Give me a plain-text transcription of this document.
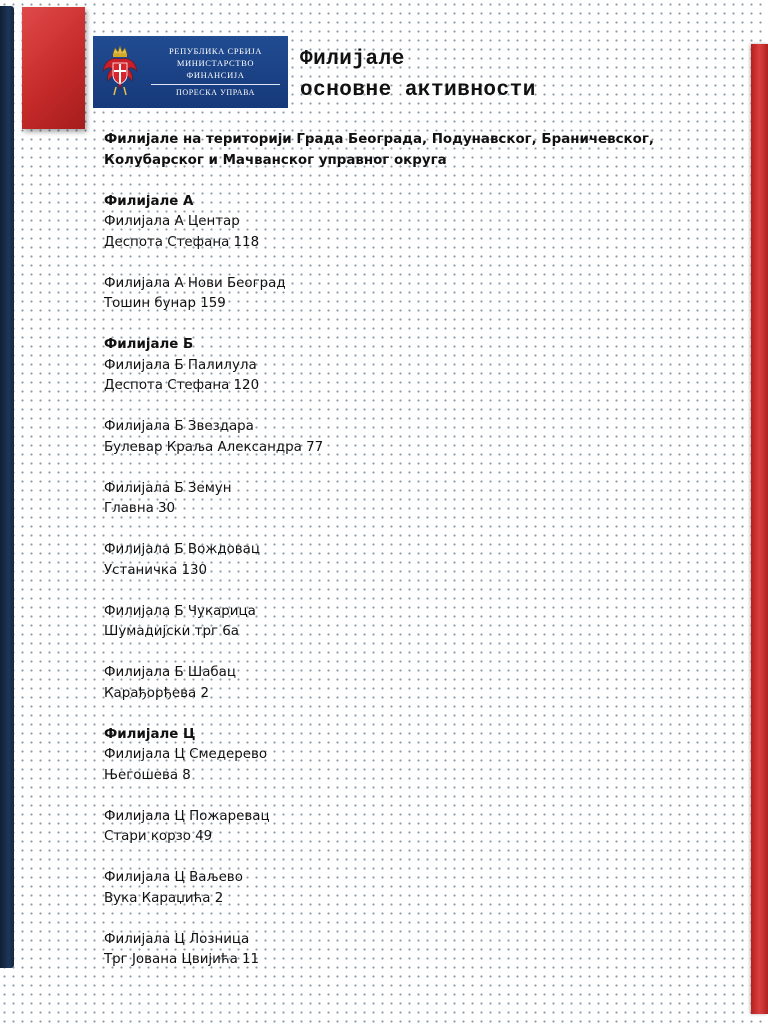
РЕПУБЛИКА СРБИЈА
МИНИСТАРСТВО ФИНАНСИЈА
ПОРЕСКА УПРАВА
Филијале
основне активности

Филијале на територији Града Београда, Подунавског, Браничевског, Колубарског и Мачванског управног округа

Филијале А
Филијала А Центар
Деспота Стефана 118
Филијала А Нови Београд
Тошин бунар 159
Филијале Б
Филијала Б Палилула
Деспота Стефана 120
Филијала Б Звездара
Булевар Краља Александра 77
Филијала Б Земун
Главна 30
Филијала Б Вождовац
Устаничка 130
Филијала Б Чукарица
Шумадијски трг 6а
Филијала Б Шабац
Карађорђева 2
Филијале Ц
Филијала Ц Смедерево
Његошева 8
Филијала Ц Пожаревац
Стари корзо 49
Филијала Ц Ваљево
Вука Караџића 2
Филијала Ц Лозница
Трг Јована Цвијића 11
